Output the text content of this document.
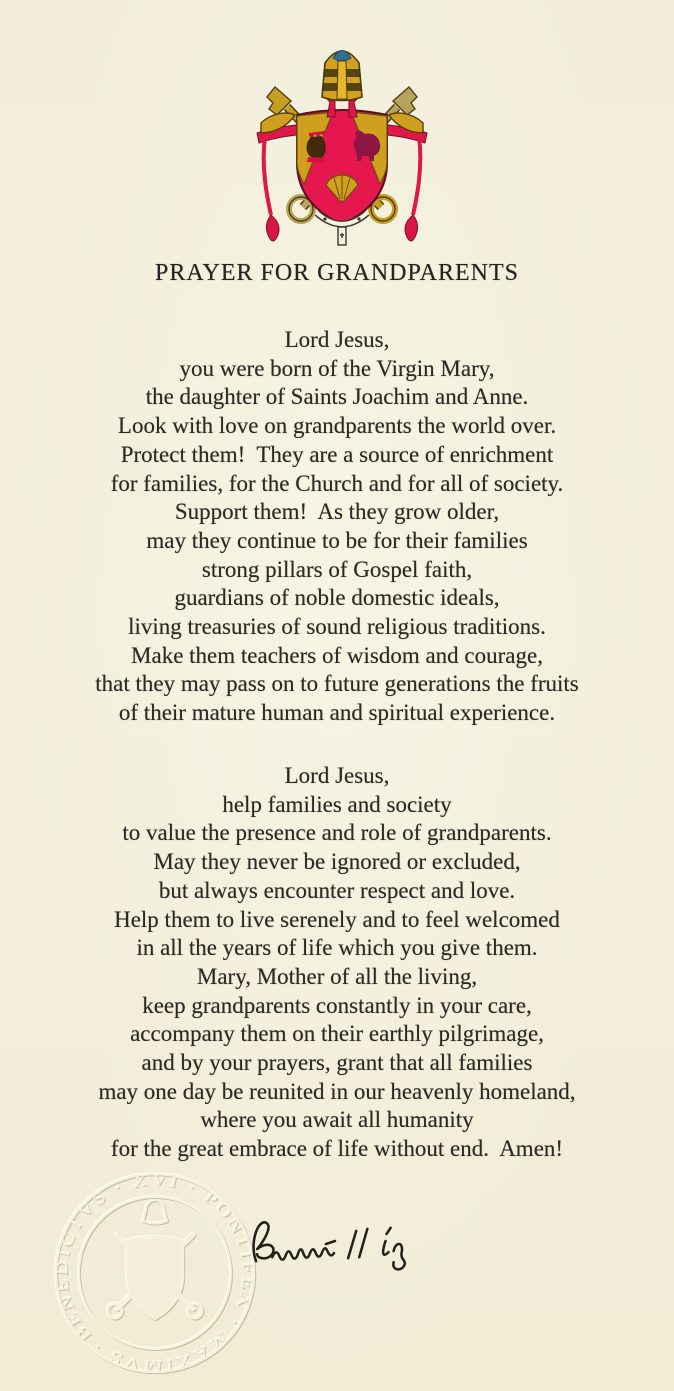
PRAYER FOR GRANDPARENTS
Lord Jesus,
you were born of the Virgin Mary,
the daughter of Saints Joachim and Anne.
Look with love on grandparents the world over.
Protect them!  They are a source of enrichment
for families, for the Church and for all of society.
Support them!  As they grow older,
may they continue to be for their families
strong pillars of Gospel faith,
guardians of noble domestic ideals,
living treasuries of sound religious traditions.
Make them teachers of wisdom and courage,
that they may pass on to future generations the fruits
of their mature human and spiritual experience.
Lord Jesus,
help families and society
to value the presence and role of grandparents.
May they never be ignored or excluded,
but always encounter respect and love.
Help them to live serenely and to feel welcomed
in all the years of life which you give them.
Mary, Mother of all the living,
keep grandparents constantly in your care,
accompany them on their earthly pilgrimage,
and by your prayers, grant that all families
may one day be reunited in our heavenly homeland,
where you await all humanity
for the great embrace of life without end.  Amen!
BENEDICTVS · XVI · PONTIFEX · MAXIMVS ·
